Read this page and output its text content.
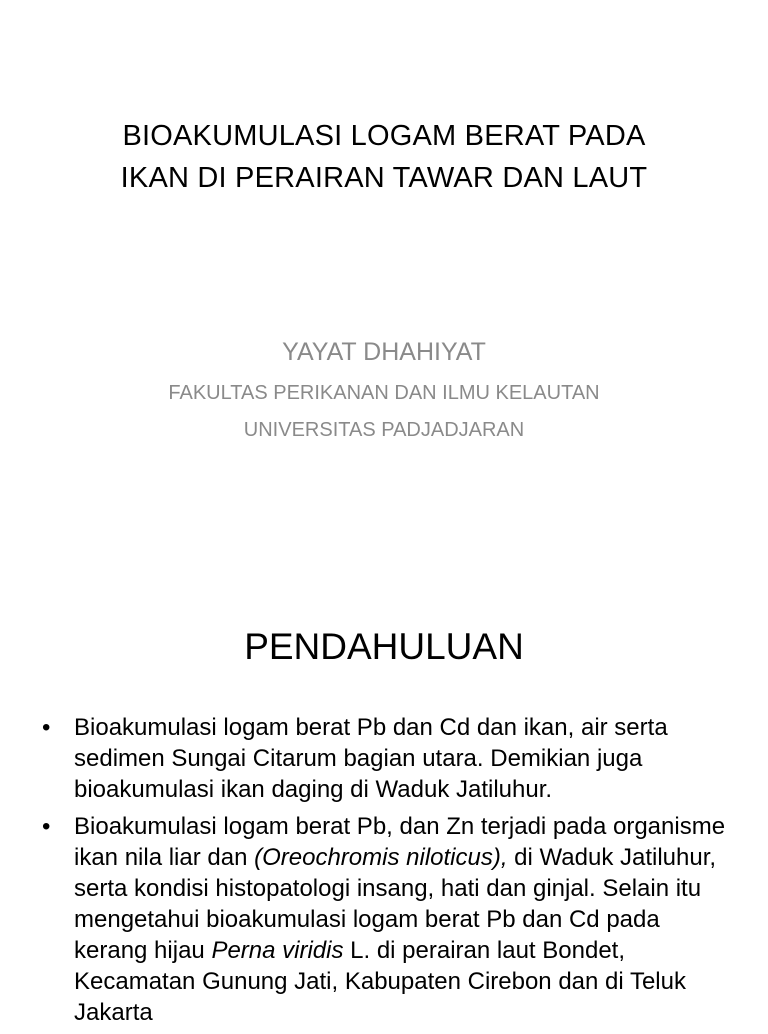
BIOAKUMULASI LOGAM BERAT PADA
IKAN DI PERAIRAN TAWAR DAN LAUT
YAYAT DHAHIYAT
FAKULTAS PERIKANAN DAN ILMU KELAUTAN
UNIVERSITAS PADJADJARAN
PENDAHULUAN
• Bioakumulasi logam berat Pb dan Cd dan ikan, air serta sedimen Sungai Citarum bagian utara. Demikian juga bioakumulasi ikan daging di Waduk Jatiluhur.
• Bioakumulasi logam berat Pb, dan Zn terjadi pada organisme ikan nila liar dan (Oreochromis niloticus), di Waduk Jatiluhur, serta kondisi histopatologi insang, hati dan ginjal. Selain itu mengetahui bioakumulasi logam berat Pb dan Cd pada kerang hijau Perna viridis L. di perairan laut Bondet, Kecamatan Gunung Jati, Kabupaten Cirebon dan di Teluk Jakarta
